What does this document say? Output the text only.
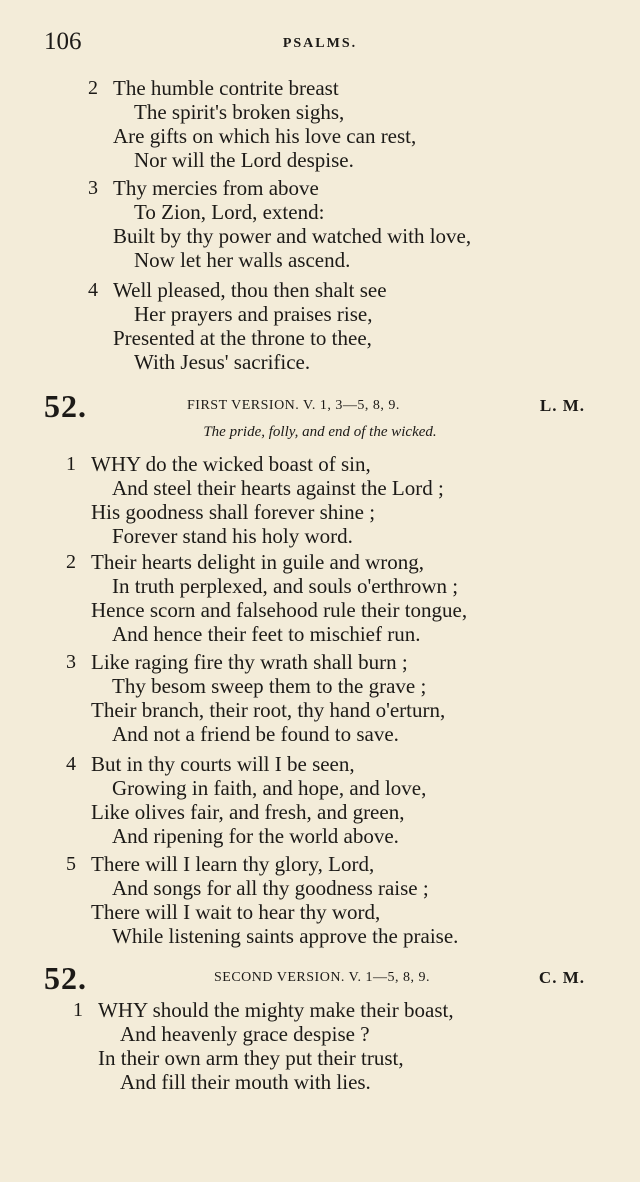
106	PSALMS.
2 The humble contrite breast
The spirit's broken sighs,
Are gifts on which his love can rest,
Nor will the Lord despise.
3 Thy mercies from above
To Zion, Lord, extend:
Built by thy power and watched with love,
Now let her walls ascend.
4 Well pleased, thou then shalt see
Her prayers and praises rise,
Presented at the throne to thee,
With Jesus' sacrifice.
52.	FIRST VERSION. V. 1, 3—5, 8, 9.	L. M.
The pride, folly, and end of the wicked.
1 WHY do the wicked boast of sin,
And steel their hearts against the Lord ;
His goodness shall forever shine ;
Forever stand his holy word.
2 Their hearts delight in guile and wrong,
In truth perplexed, and souls o'erthrown ;
Hence scorn and falsehood rule their tongue,
And hence their feet to mischief run.
3 Like raging fire thy wrath shall burn ;
Thy besom sweep them to the grave ;
Their branch, their root, thy hand o'erturn,
And not a friend be found to save.
4 But in thy courts will I be seen,
Growing in faith, and hope, and love,
Like olives fair, and fresh, and green,
And ripening for the world above.
5 There will I learn thy glory, Lord,
And songs for all thy goodness raise ;
There will I wait to hear thy word,
While listening saints approve the praise.
52.	SECOND VERSION. V. 1—5, 8, 9.	C. M.
1 WHY should the mighty make their boast,
And heavenly grace despise ?
In their own arm they put their trust,
And fill their mouth with lies.
